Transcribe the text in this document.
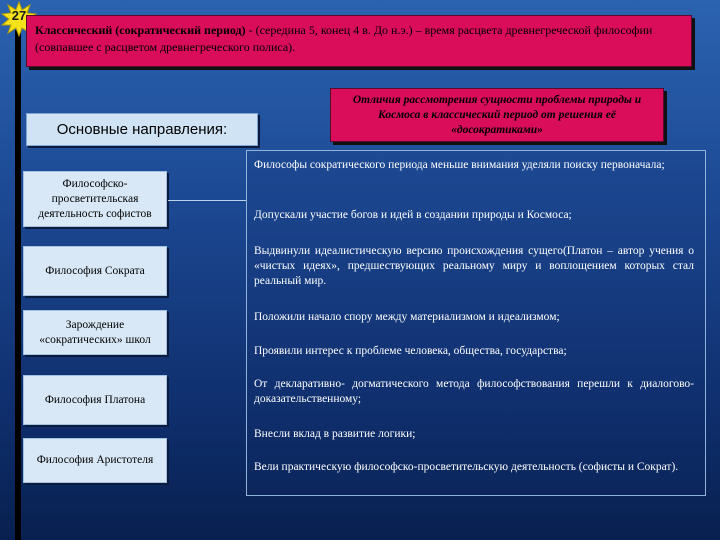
27
Классический (сократический период) - (середина 5, конец 4 в. До н.э.) – время расцвета древнегреческой философии (совпавшее с расцветом древнегреческого полиса).
Основные направления:
Отличия рассмотрения сущности проблемы природы и Космоса в классический период от решения её «досократиками»
Философско-просветительская деятельность софистов
Философия Сократа
Зарождение «сократических» школ
Философия Платона
Философия Аристотеля
Философы сократического периода меньше внимания уделяли поиску первоначала;
Допускали участие богов и идей в создании природы и Космоса;
Выдвинули идеалистическую версию происхождения сущего(Платон – автор учения о «чистых идеях», предшествующих реальному миру и воплощением которых стал реальный мир.
Положили начало спору между материализмом и идеализмом;
Проявили интерес к проблеме человека, общества, государства;
От декларативно- догматического метода философствования перешли к диалогово-доказательственному;
Внесли вклад в развитие логики;
Вели практическую философско-просветительскую деятельность (софисты и Сократ).
